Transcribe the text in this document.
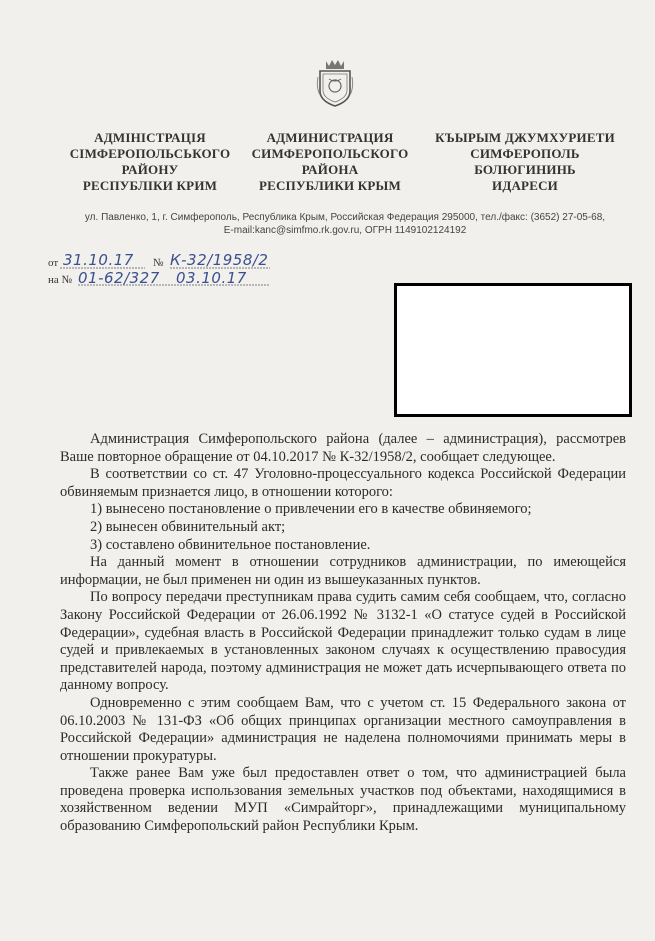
АДМІНІСТРАЦІЯ
СІМФЕРОПОЛЬСЬКОГО
РАЙОНУ
РЕСПУБЛІКИ КРИМ
АДМИНИСТРАЦИЯ
СИМФЕРОПОЛЬСКОГО
РАЙОНА
РЕСПУБЛИКИ КРЫМ
КЪЫРЫМ ДЖУМХУРИЕТИ
СИМФЕРОПОЛЬ
БОЛЮГИНИНЬ
ИДАРЕСИ
ул. Павленко, 1, г. Симферополь, Республика Крым, Российская Федерация 295000, тел./факс: (3652) 27-05-68,
E-mail:kanc@simfmo.rk.gov.ru, ОГРН 1149102124192
от 31.10.17 № К-32/1958/2
на № 01-62/327 03.10.17

Администрация Симферопольского района (далее – администрация), рассмотрев Ваше повторное обращение от 04.10.2017 № К-32/1958/2, сообщает следующее.

В соответствии со ст. 47 Уголовно-процессуального кодекса Российской Федерации обвиняемым признается лицо, в отношении которого:

1) вынесено постановление о привлечении его в качестве обвиняемого;

2) вынесен обвинительный акт;

3) составлено обвинительное постановление.

На данный момент в отношении сотрудников администрации, по имеющейся информации, не был применен ни один из вышеуказанных пунктов.

По вопросу передачи преступникам права судить самим себя сообщаем, что, согласно Закону Российской Федерации от 26.06.1992 № 3132-1 «О статусе судей в Российской Федерации», судебная власть в Российской Федерации принадлежит только судам в лице судей и привлекаемых в установленных законом случаях к осуществлению правосудия представителей народа, поэтому администрация не может дать исчерпывающего ответа по данному вопросу.

Одновременно с этим сообщаем Вам, что с учетом ст. 15 Федерального закона от 06.10.2003 № 131-ФЗ «Об общих принципах организации местного самоуправления в Российской Федерации» администрация не наделена полномочиями принимать меры в отношении прокуратуры.

Также ранее Вам уже был предоставлен ответ о том, что администрацией была проведена проверка использования земельных участков под объектами, находящимися в хозяйственном ведении МУП «Симрайторг», принадлежащими муниципальному образованию Симферопольский район Республики Крым.
